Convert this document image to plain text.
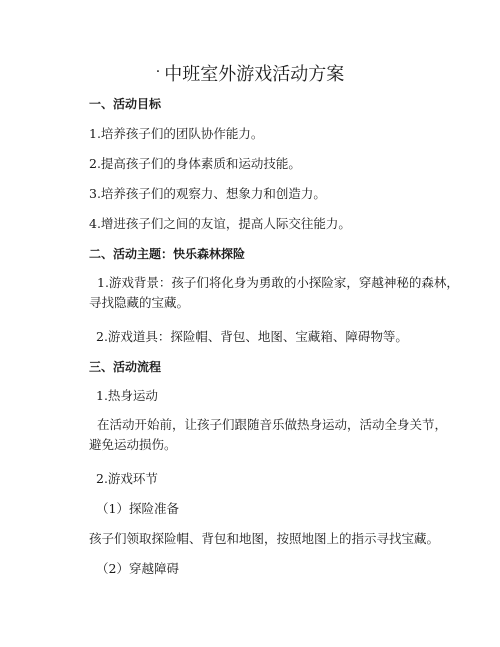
· 中班室外游戏活动方案

一、活动目标

1.培养孩子们的团队协作能力。

2.提高孩子们的身体素质和运动技能。

3.培养孩子们的观察力、想象力和创造力。

4.增进孩子们之间的友谊，提高人际交往能力。

二、活动主题：快乐森林探险

1.游戏背景：孩子们将化身为勇敢的小探险家，穿越神秘的森林，
寻找隐藏的宝藏。

2.游戏道具：探险帽、背包、地图、宝藏箱、障碍物等。

三、活动流程

1.热身运动

在活动开始前，让孩子们跟随音乐做热身运动，活动全身关节，
避免运动损伤。

2.游戏环节

（1）探险准备

孩子们领取探险帽、背包和地图，按照地图上的指示寻找宝藏。

（2）穿越障碍
